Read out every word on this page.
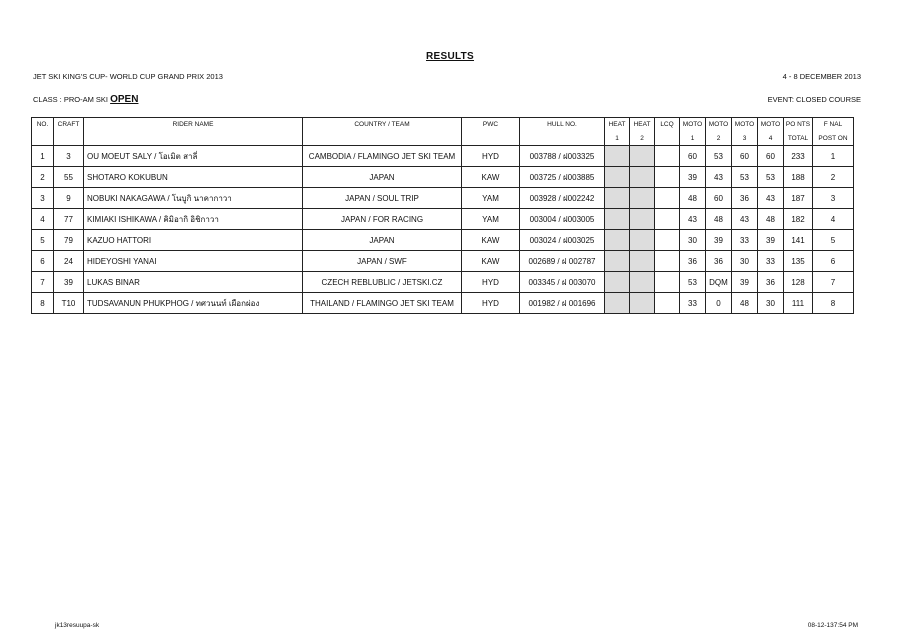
RESULTS
JET SKI KING'S CUP- WORLD CUP GRAND PRIX 2013	4 - 8 DECEMBER 2013
CLASS : PRO-AM SKI OPEN	EVENT: CLOSED COURSE
NO.	CRAFT	RIDER NAME	COUNTRY / TEAM	PWC	HULL NO.	HEAT	HEAT	LCQ	MOTO	MOTO	MOTO	MOTO	PO NTS	F NAL
						1	2		1	2	3	4	TOTAL	POST ON
1	3	OU MOEUT SALY / โอเมิต สาลี่	CAMBODIA / FLAMINGO JET SKI TEAM	HYD	003788 / ฝ003325				60	53	60	60	233	1
2	55	SHOTARO KOKUBUN	JAPAN	KAW	003725 / ฝ003885				39	43	53	53	188	2
3	9	NOBUKI NAKAGAWA / โนบูกิ นาคากาวา	JAPAN / SOUL TRIP	YAM	003928 / ฝ002242				48	60	36	43	187	3
4	77	KIMIAKI ISHIKAWA / คิมิอากิ อิชิกาวา	JAPAN / FOR RACING	YAM	003004 / ฝ003005				43	48	43	48	182	4
5	79	KAZUO HATTORI	JAPAN	KAW	003024 / ฝ003025				30	39	33	39	141	5
6	24	HIDEYOSHI YANAI	JAPAN / SWF	KAW	002689 / ฝ 002787				36	36	30	33	135	6
7	39	LUKAS BINAR	CZECH REBLUBLIC / JETSKI.CZ	HYD	003345 / ฝ 003070				53	DQM	39	36	128	7
8	T10	TUDSAVANUN PHUKPHOG / ทศวนนท์ เผือกผ่อง	THAILAND / FLAMINGO JET SKI TEAM	HYD	001982 / ฝ 001696				33	0	48	30	111	8
jk13resuupa-sk	08-12-137:54 PM
